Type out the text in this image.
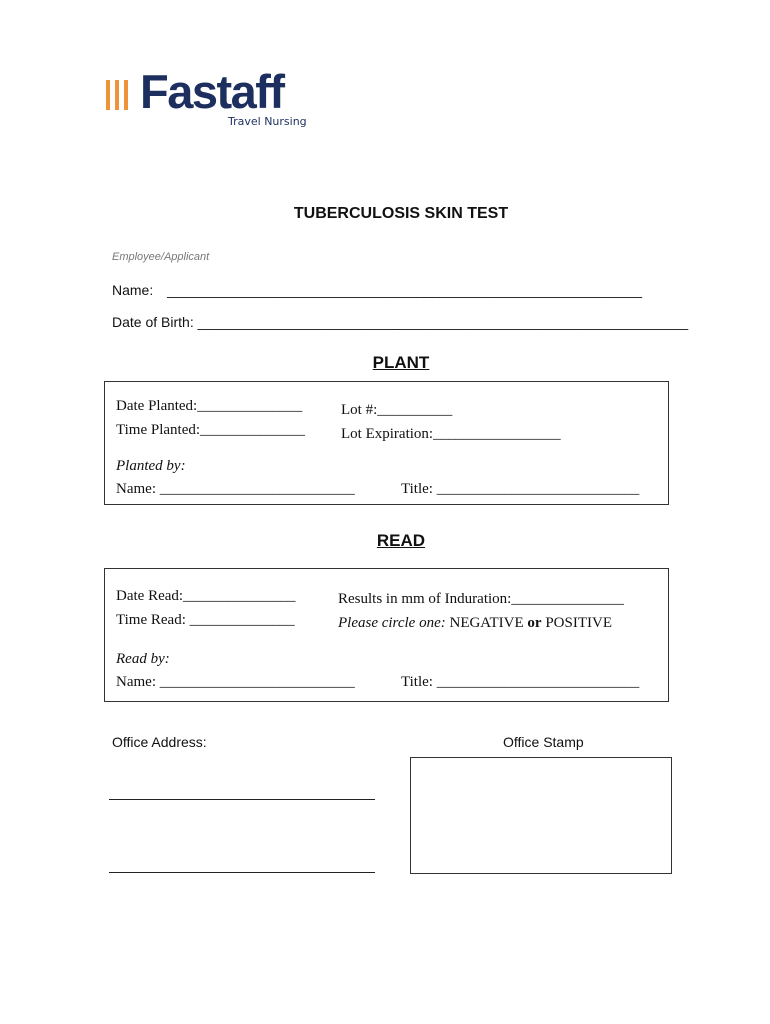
Fastaff
Travel Nursing
TUBERCULOSIS SKIN TEST
Employee/Applicant
Name: _____________________________________________________________
Date of Birth: _______________________________________________________________
PLANT
Date Planted:______________
Time Planted:______________
Lot #:__________
Lot Expiration:_________________
Planted by:
Name: __________________________	Title: ___________________________
READ
Date Read:_______________
Time Read: ______________
Results in mm of Induration:_______________
Please circle one: NEGATIVE or POSITIVE
Read by:
Name: __________________________	Title: ___________________________
Office Address:	Office Stamp
